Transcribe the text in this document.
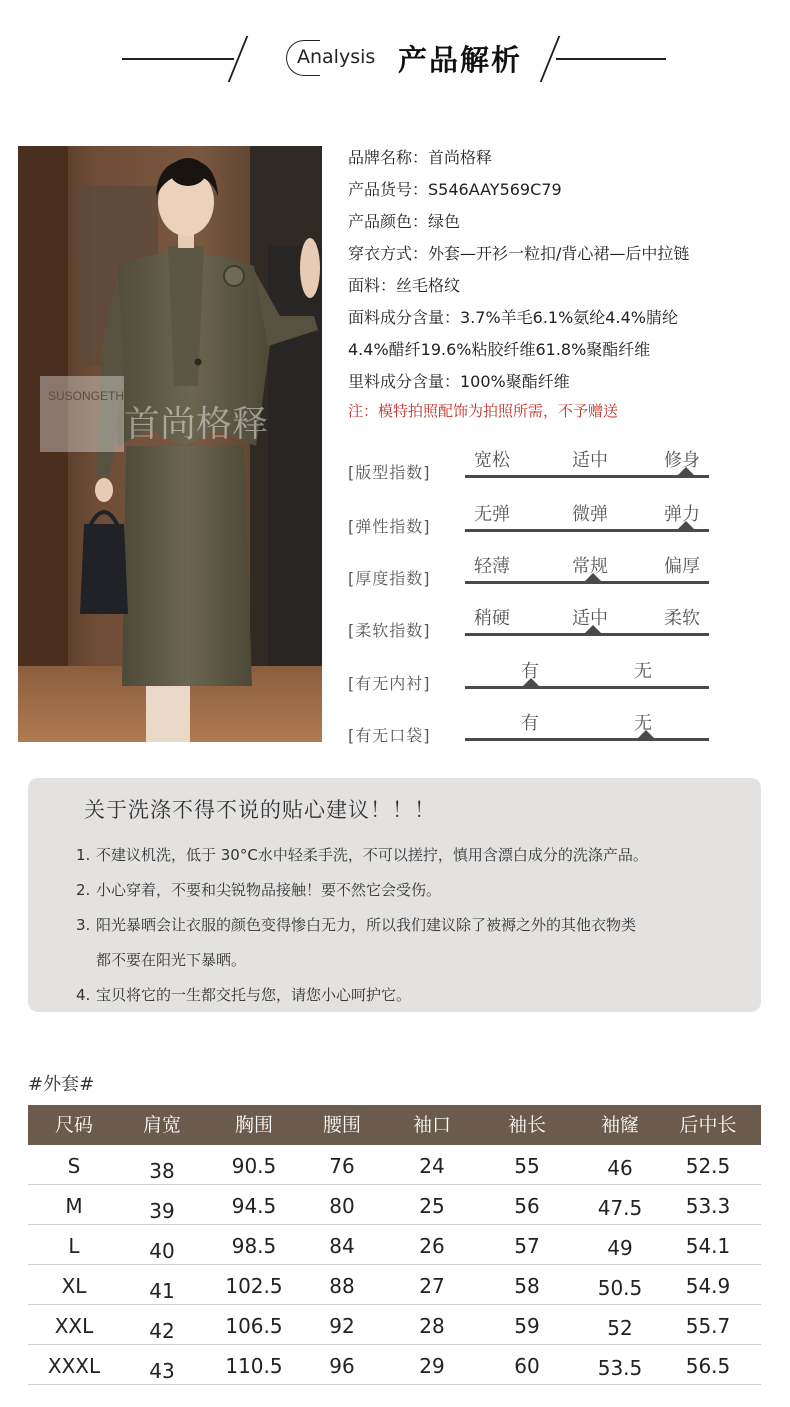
Analysis 产品解析
SUSONGETH
首尚格释
品牌名称：首尚格释
产品货号：S546AAY569C79
产品颜色：绿色
穿衣方式：外套—开衫一粒扣/背心裙—后中拉链
面料：丝毛格纹
面料成分含量：3.7%羊毛6.1%氨纶4.4%腈纶
4.4%醋纤19.6%粘胶纤维61.8%聚酯纤维
里料成分含量：100%聚酯纤维
注：模特拍照配饰为拍照所需，不予赠送
[版型指数]
宽松	适中	修身
[弹性指数]
无弹	微弹	弹力
[厚度指数]
轻薄	常规	偏厚
[柔软指数]
稍硬	适中	柔软
[有无内衬]
有	无
[有无口袋]
有	无
关于洗涤不得不说的贴心建议！！！
1. 不建议机洗，低于 30°C水中轻柔手洗，不可以搓拧，慎用含漂白成分的洗涤产品。
2. 小心穿着，不要和尖锐物品接触！要不然它会受伤。
3. 阳光暴晒会让衣服的颜色变得惨白无力，所以我们建议除了被褥之外的其他衣物类
都不要在阳光下暴晒。
4. 宝贝将它的一生都交托与您，请您小心呵护它。
#外套#
尺码	肩宽	胸围	腰围	袖口	袖长	袖窿	后中长
S	38	90.5	76	24	55	46	52.5
M	39	94.5	80	25	56	47.5	53.3
L	40	98.5	84	26	57	49	54.1
XL	41	102.5	88	27	58	50.5	54.9
XXL	42	106.5	92	28	59	52	55.7
XXXL	43	110.5	96	29	60	53.5	56.5
